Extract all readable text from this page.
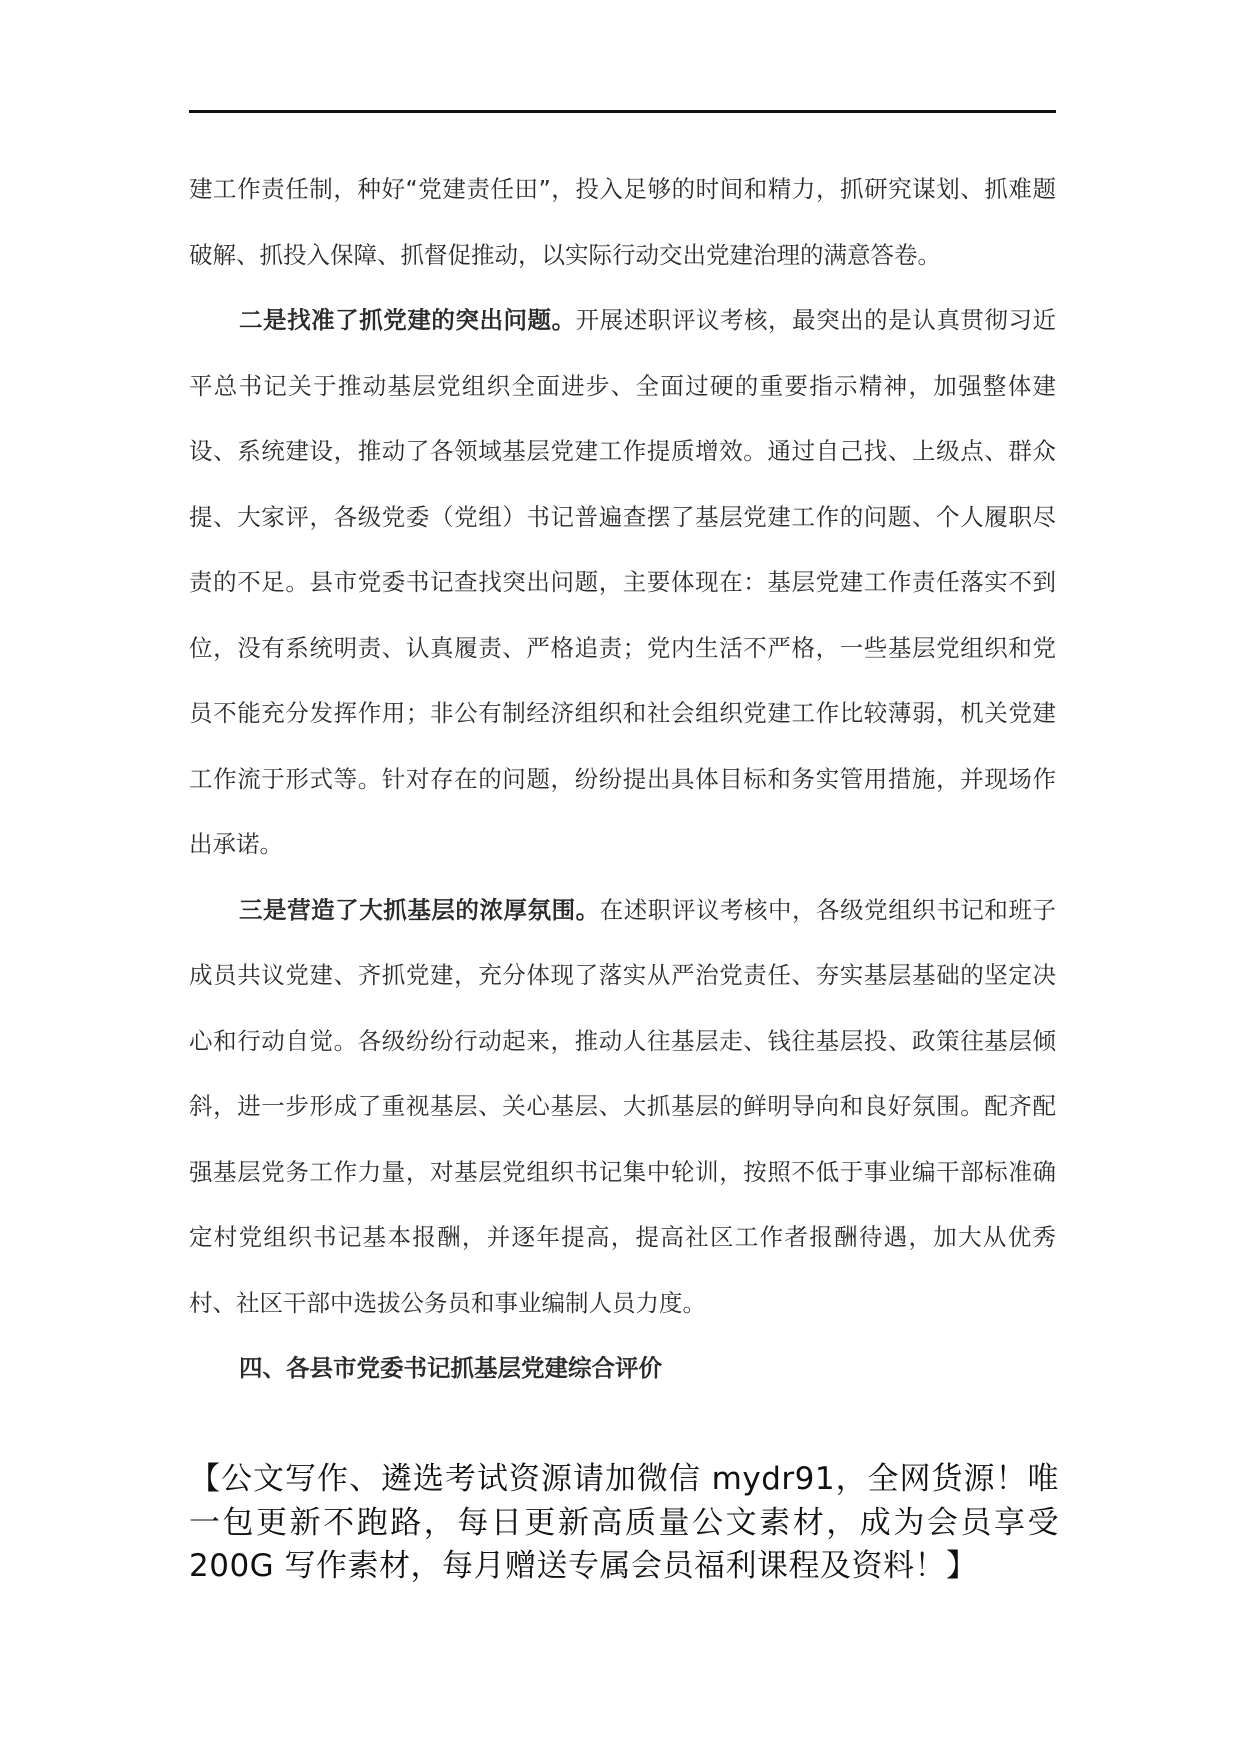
建工作责任制，种好“党建责任田”，投入足够的时间和精力，抓研究谋划、抓难题破解、抓投入保障、抓督促推动，以实际行动交出党建治理的满意答卷。

二是找准了抓党建的突出问题。开展述职评议考核，最突出的是认真贯彻习近平总书记关于推动基层党组织全面进步、全面过硬的重要指示精神，加强整体建设、系统建设，推动了各领域基层党建工作提质增效。通过自己找、上级点、群众提、大家评，各级党委（党组）书记普遍查摆了基层党建工作的问题、个人履职尽责的不足。县市党委书记查找突出问题，主要体现在：基层党建工作责任落实不到位，没有系统明责、认真履责、严格追责；党内生活不严格，一些基层党组织和党员不能充分发挥作用；非公有制经济组织和社会组织党建工作比较薄弱，机关党建工作流于形式等。针对存在的问题，纷纷提出具体目标和务实管用措施，并现场作出承诺。

三是营造了大抓基层的浓厚氛围。在述职评议考核中，各级党组织书记和班子成员共议党建、齐抓党建，充分体现了落实从严治党责任、夯实基层基础的坚定决心和行动自觉。各级纷纷行动起来，推动人往基层走、钱往基层投、政策往基层倾斜，进一步形成了重视基层、关心基层、大抓基层的鲜明导向和良好氛围。配齐配强基层党务工作力量，对基层党组织书记集中轮训，按照不低于事业编干部标准确定村党组织书记基本报酬，并逐年提高，提高社区工作者报酬待遇，加大从优秀村、社区干部中选拔公务员和事业编制人员力度。

四、各县市党委书记抓基层党建综合评价

【公文写作、遴选考试资源请加微信 mydr91，全网货源！唯一包更新不跑路，每日更新高质量公文素材，成为会员享受 200G 写作素材，每月赠送专属会员福利课程及资料！】
